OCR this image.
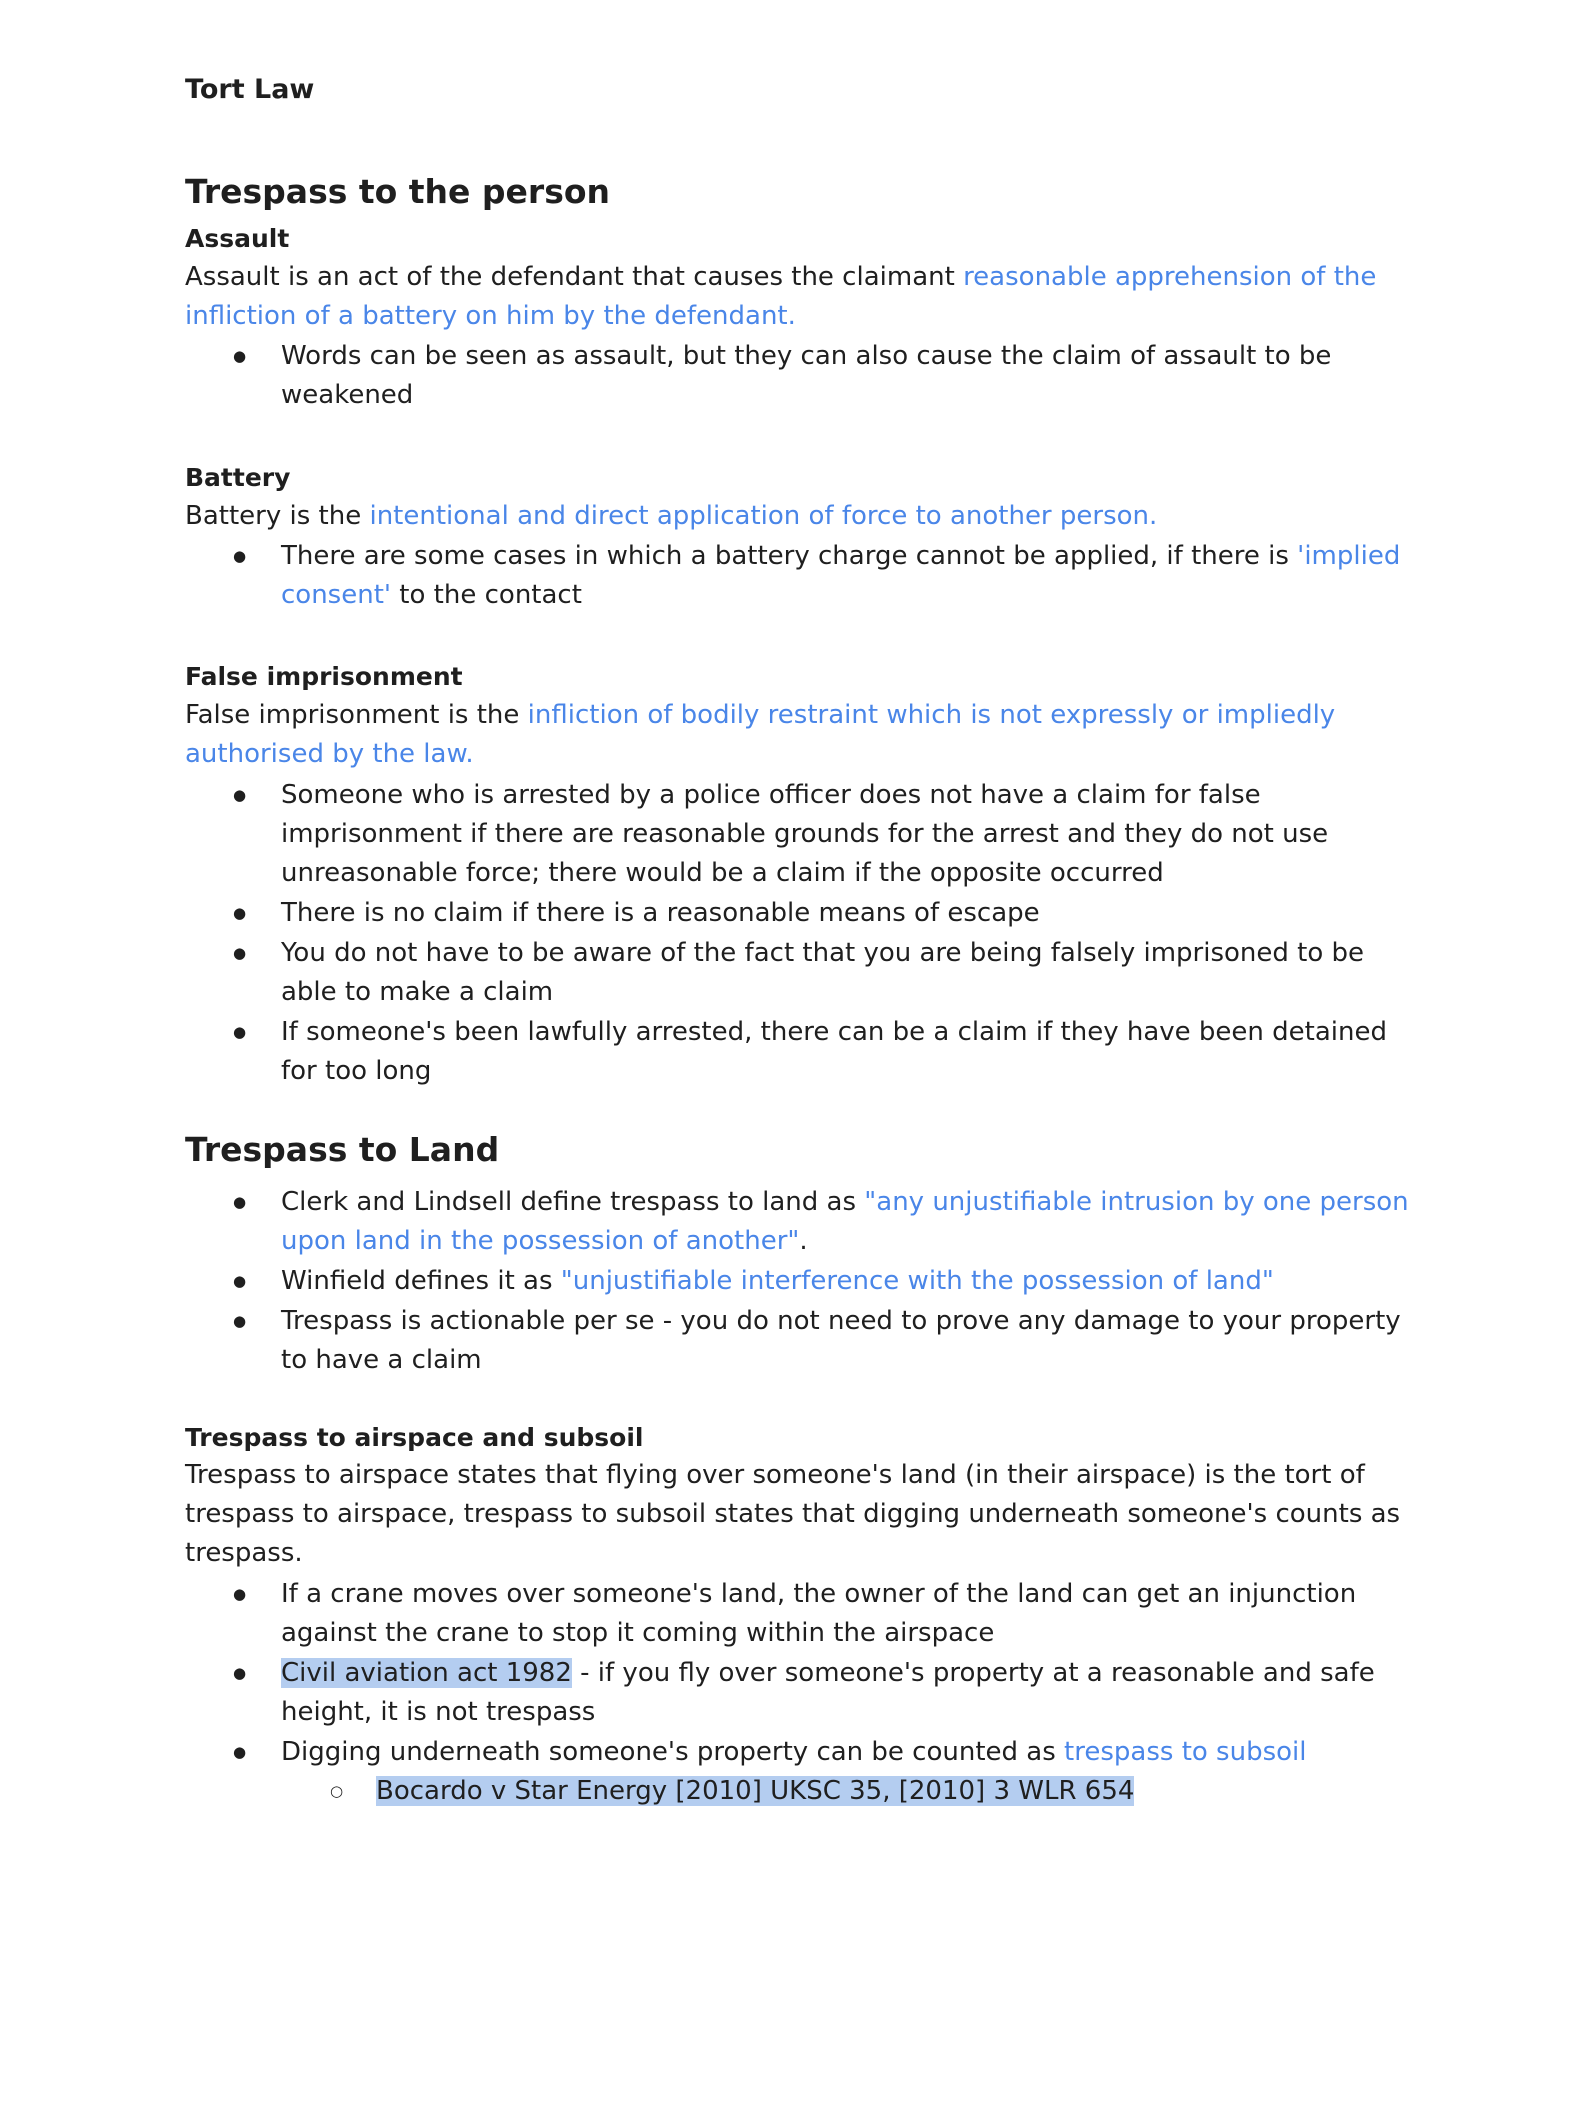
Tort Law
Trespass to the person
Assault

Assault is an act of the defendant that causes the claimant reasonable apprehension of the infliction of a battery on him by the defendant.

● Words can be seen as assault, but they can also cause the claim of assault to be weakened
Battery

Battery is the intentional and direct application of force to another person.

● There are some cases in which a battery charge cannot be applied, if there is 'implied consent' to the contact
False imprisonment

False imprisonment is the infliction of bodily restraint which is not expressly or impliedly authorised by the law.

● Someone who is arrested by a police officer does not have a claim for false imprisonment if there are reasonable grounds for the arrest and they do not use unreasonable force; there would be a claim if the opposite occurred
● There is no claim if there is a reasonable means of escape
● You do not have to be aware of the fact that you are being falsely imprisoned to be able to make a claim
● If someone's been lawfully arrested, there can be a claim if they have been detained for too long
Trespass to Land
● Clerk and Lindsell define trespass to land as "any unjustifiable intrusion by one person upon land in the possession of another".
● Winfield defines it as "unjustifiable interference with the possession of land"
● Trespass is actionable per se - you do not need to prove any damage to your property to have a claim
Trespass to airspace and subsoil

Trespass to airspace states that flying over someone's land (in their airspace) is the tort of trespass to airspace, trespass to subsoil states that digging underneath someone's counts as trespass.

● If a crane moves over someone's land, the owner of the land can get an injunction against the crane to stop it coming within the airspace
● Civil aviation act 1982 - if you fly over someone's property at a reasonable and safe height, it is not trespass
● Digging underneath someone's property can be counted as trespass to subsoil
○ Bocardo v Star Energy [2010] UKSC 35, [2010] 3 WLR 654
